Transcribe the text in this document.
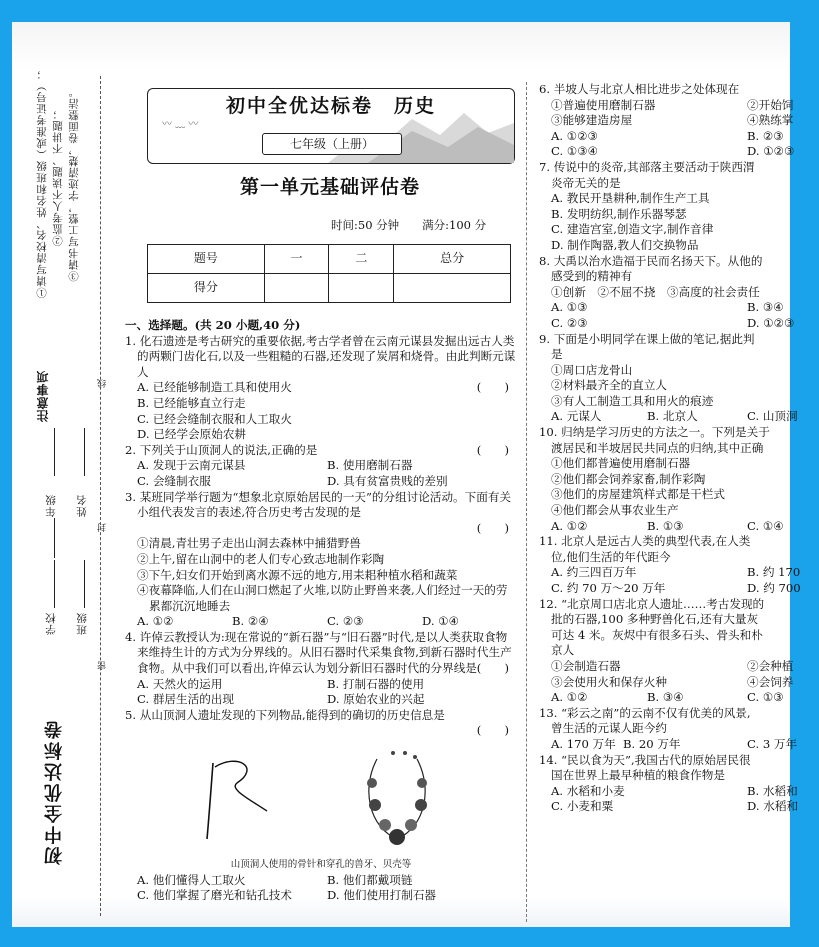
注意事项
①请写清校名、姓名和班级（或准考证号）； ②监考人不读题、不讲题； ③请书写工整，字迹清楚，卷面整洁。
线
封
密
年级 姓名
学校 班级
初中全优达标卷
〰 ﹏ 〰
初中全优达标卷　历史
七年级（上册）
第一单元基础评估卷
时间:50 分钟　　满分:100 分
题号	一	二	总分
得分			
一、选择题。(共 20 小题,40 分)
1. 化石遗迹是考古研究的重要依据,考古学者曾在云南元谋县发掘出远古人类的两颗门齿化石,以及一些粗糙的石器,还发现了炭屑和烧骨。由此判断元谋人
A. 已经能够制造工具和使用火	(　　)
B. 已经能够直立行走
C. 已经会缝制衣服和人工取火
D. 已经学会原始农耕
2. 下列关于山顶洞人的说法,正确的是	(　　)
A. 发现于云南元谋县	B. 使用磨制石器
C. 会缝制衣服	D. 具有贫富贵贱的差别
3. 某班同学举行题为“想象北京原始居民的一天”的分组讨论活动。下面有关小组代表发言的表述,符合历史考古发现的是
(　　)
①清晨,青壮男子走出山洞去森林中捕猎野兽
②上午,留在山洞中的老人们专心致志地制作彩陶
③下午,妇女们开始到离水源不远的地方,用耒耜种植水稻和蔬菜
④夜幕降临,人们在山洞口燃起了火堆,以防止野兽来袭,人们经过一天的劳累都沉沉地睡去
A. ①②	B. ②④	C. ②③	D. ①④
4. 许倬云教授认为:现在常说的“新石器”与“旧石器”时代,是以人类获取食物来维持生计的方式为分界线的。从旧石器时代采集食物,到新石器时代生产食物。从中我们可以看出,许倬云认为划分新旧石器时代的分界线是 (　　)
A. 天然火的运用	B. 打制石器的使用
C. 群居生活的出现	D. 原始农业的兴起
5. 从山顶洞人遗址发现的下列物品,能得到的确切的历史信息是
(　　)
山顶洞人使用的骨针和穿孔的兽牙、贝壳等
A. 他们懂得人工取火	B. 他们都戴项链
C. 他们掌握了磨光和钻孔技术	D. 他们使用打制石器
6. 半坡人与北京人相比进步之处体现在
①普遍使用磨制石器	②开始饲
③能够建造房屋	④熟练掌
A. ①②③	B. ②③
C. ①③④	D. ①②③
7. 传说中的炎帝,其部落主要活动于陕西渭
炎帝无关的是
A. 教民开垦耕种,制作生产工具
B. 发明纺织,制作乐器琴瑟
C. 建造宫室,创造文字,制作音律
D. 制作陶器,教人们交换物品
8. 大禹以治水造福于民而名扬天下。从他的
感受到的精神有
①创新　②不屈不挠　③高度的社会责任
A. ①③	B. ③④
C. ②③	D. ①②③
9. 下面是小明同学在课上做的笔记,据此判
是
①周口店龙骨山
②材料最齐全的直立人
③有人工制造工具和用火的痕迹
A. 元谋人	B. 北京人	C. 山顶洞
10. 归纳是学习历史的方法之一。下列是关于
渡居民和半坡居民共同点的归纳,其中正确
①他们都普遍使用磨制石器
②他们都会饲养家畜,制作彩陶
③他们的房屋建筑样式都是干栏式
④他们都会从事农业生产
A. ①②	B. ①③	C. ①④
11. 北京人是远古人类的典型代表,在人类
位,他们生活的年代距今
A. 约三四百万年	B. 约 170
C. 约 70 万～20 万年	D. 约 700
12. “北京周口店北京人遗址……考古发现的
批的石器,100 多种野兽化石,还有大量灰
可达 4 米。灰烬中有很多石头、骨头和朴
京人
①会制造石器	②会种植
③会使用火和保存火种	④会饲养
A. ①②	B. ③④	C. ①③
13. “彩云之南”的云南不仅有优美的风景,
曾生活的元谋人距今约
A. 170 万年 B. 20 万年	C. 3 万年
14. “民以食为天”,我国古代的原始居民很
国在世界上最早种植的粮食作物是
A. 水稻和小麦	B. 水稻和
C. 小麦和粟	D. 水稻和
